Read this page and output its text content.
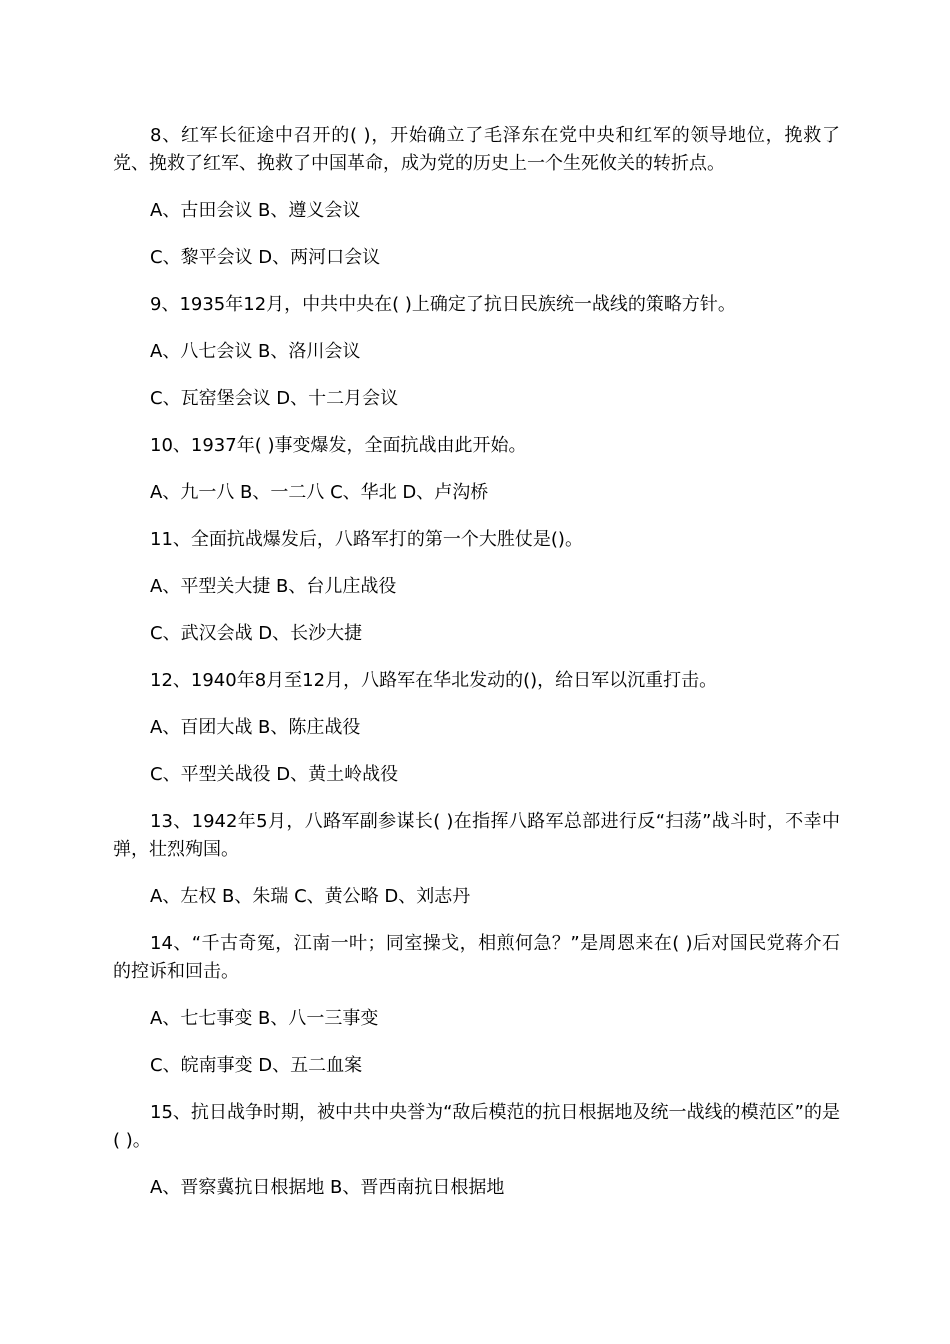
8、红军长征途中召开的( )，开始确立了毛泽东在党中央和红军的领导地位，挽救了党、挽救了红军、挽救了中国革命，成为党的历史上一个生死攸关的转折点。

A、古田会议 B、遵义会议

C、黎平会议 D、两河口会议

9、1935年12月，中共中央在( )上确定了抗日民族统一战线的策略方针。

A、八七会议 B、洛川会议

C、瓦窑堡会议 D、十二月会议

10、1937年( )事变爆发，全面抗战由此开始。

A、九一八 B、一二八 C、华北 D、卢沟桥

11、全面抗战爆发后，八路军打的第一个大胜仗是()。

A、平型关大捷 B、台儿庄战役

C、武汉会战 D、长沙大捷

12、1940年8月至12月，八路军在华北发动的()，给日军以沉重打击。

A、百团大战 B、陈庄战役

C、平型关战役 D、黄土岭战役

13、1942年5月，八路军副参谋长( )在指挥八路军总部进行反“扫荡”战斗时，不幸中弹，壮烈殉国。

A、左权 B、朱瑞 C、黄公略 D、刘志丹

14、“千古奇冤，江南一叶；同室操戈，相煎何急？”是周恩来在( )后对国民党蒋介石的控诉和回击。

A、七七事变 B、八一三事变

C、皖南事变 D、五二血案

15、抗日战争时期，被中共中央誉为“敌后模范的抗日根据地及统一战线的模范区”的是( )。

A、晋察冀抗日根据地 B、晋西南抗日根据地
